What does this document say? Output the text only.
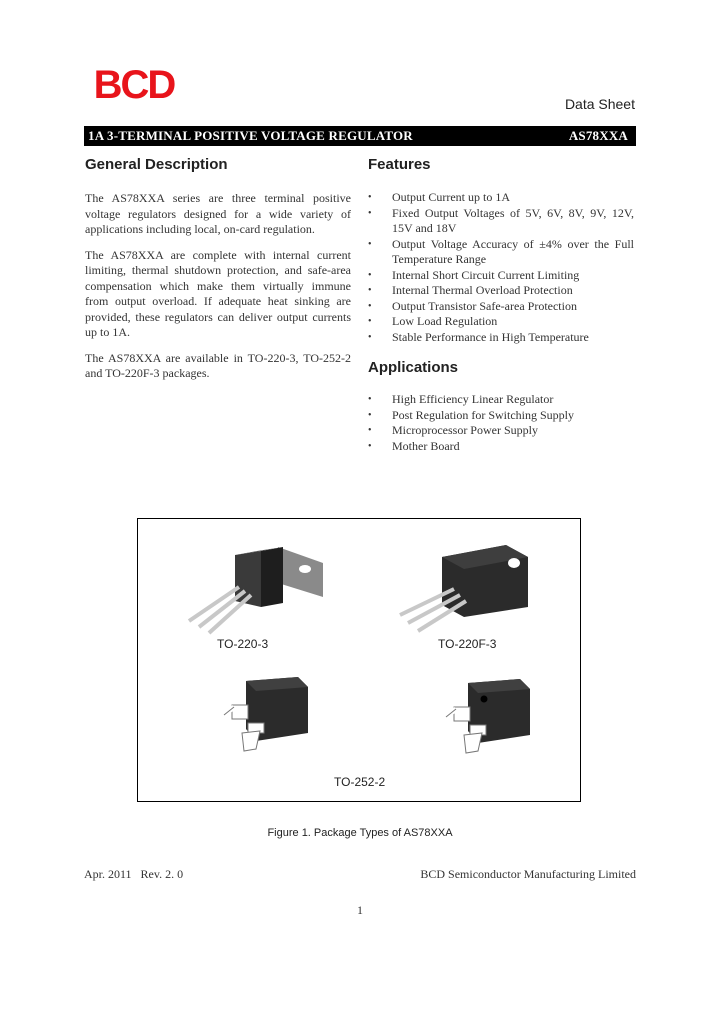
BCD	Data Sheet
1A 3-TERMINAL POSITIVE VOLTAGE REGULATOR	AS78XXA
General Description

The AS78XXA series are three terminal positive voltage regulators designed for a wide variety of applications including local, on-card regulation.

The AS78XXA are complete with internal current limiting, thermal shutdown protection, and safe-area compensation which make them virtually immune from output overload. If adequate heat sinking are provided, these regulators can deliver output currents up to 1A.

The AS78XXA are available in TO-220-3, TO-252-2 and TO-220F-3 packages.

Features
• Output Current up to 1A
• Fixed Output Voltages of 5V, 6V, 8V, 9V, 12V, 15V and 18V
• Output Voltage Accuracy of ±4% over the Full Temperature Range
• Internal Short Circuit Current Limiting
• Internal Thermal Overload Protection
• Output Transistor Safe-area Protection
• Low Load Regulation
• Stable Performance in High Temperature
Applications
• High Efficiency Linear Regulator
• Post Regulation for Switching Supply
• Microprocessor Power Supply
• Mother Board
TO-220-3	TO-220F-3
TO-252-2
Figure 1. Package Types of AS78XXA
Apr. 2011   Rev. 2. 0	BCD Semiconductor Manufacturing Limited
1
